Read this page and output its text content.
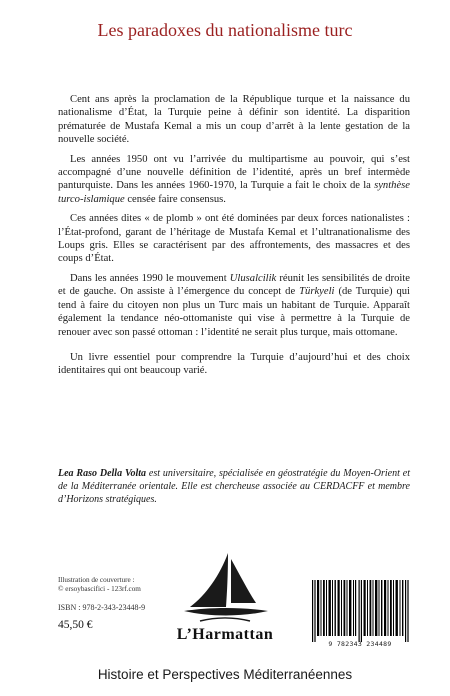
Les paradoxes du nationalisme turc

Cent ans après la proclamation de la République turque et la naissance du nationalisme d’État, la Turquie peine à définir son identité. La disparition prématurée de Mustafa Kemal a mis un coup d’arrêt à la lente gestation de la nouvelle société.

Les années 1950 ont vu l’arrivée du multipartisme au pouvoir, qui s’est accompagné d’une nouvelle définition de l’identité, après un bref intermède panturquiste. Dans les années 1960-1970, la Turquie a fait le choix de la synthèse turco-islamique censée faire consensus.

Ces années dites « de plomb » ont été dominées par deux forces nationalistes : l’État-profond, garant de l’héritage de Mustafa Kemal et l’ultranationalisme des Loups gris. Elles se caractérisent par des affrontements, des massacres et des coups d’État.

Dans les années 1990 le mouvement Ulusalcilik réunit les sensibilités de droite et de gauche. On assiste à l’émergence du concept de Türkyeli (de Turquie) qui tend à faire du citoyen non plus un Turc mais un habitant de Turquie. Apparaît également la tendance néo-ottomaniste qui vise à permettre à la Turquie de renouer avec son passé ottoman : l’identité ne serait plus turque, mais ottomane.

Un livre essentiel pour comprendre la Turquie d’aujourd’hui et des choix identitaires qui ont beaucoup varié.

Lea Raso Della Volta est universitaire, spécialisée en géostratégie du Moyen-Orient et de la Méditerranée orientale. Elle est chercheuse associée au CERDACFF et membre d’Horizons stratégiques.
Illustration de couverture :
© ersoybascifici - 123rf.com
ISBN : 978-2-343-23448-9
45,50 €
L’Harmattan
9 782343 234489
Histoire et Perspectives Méditerranéennes
